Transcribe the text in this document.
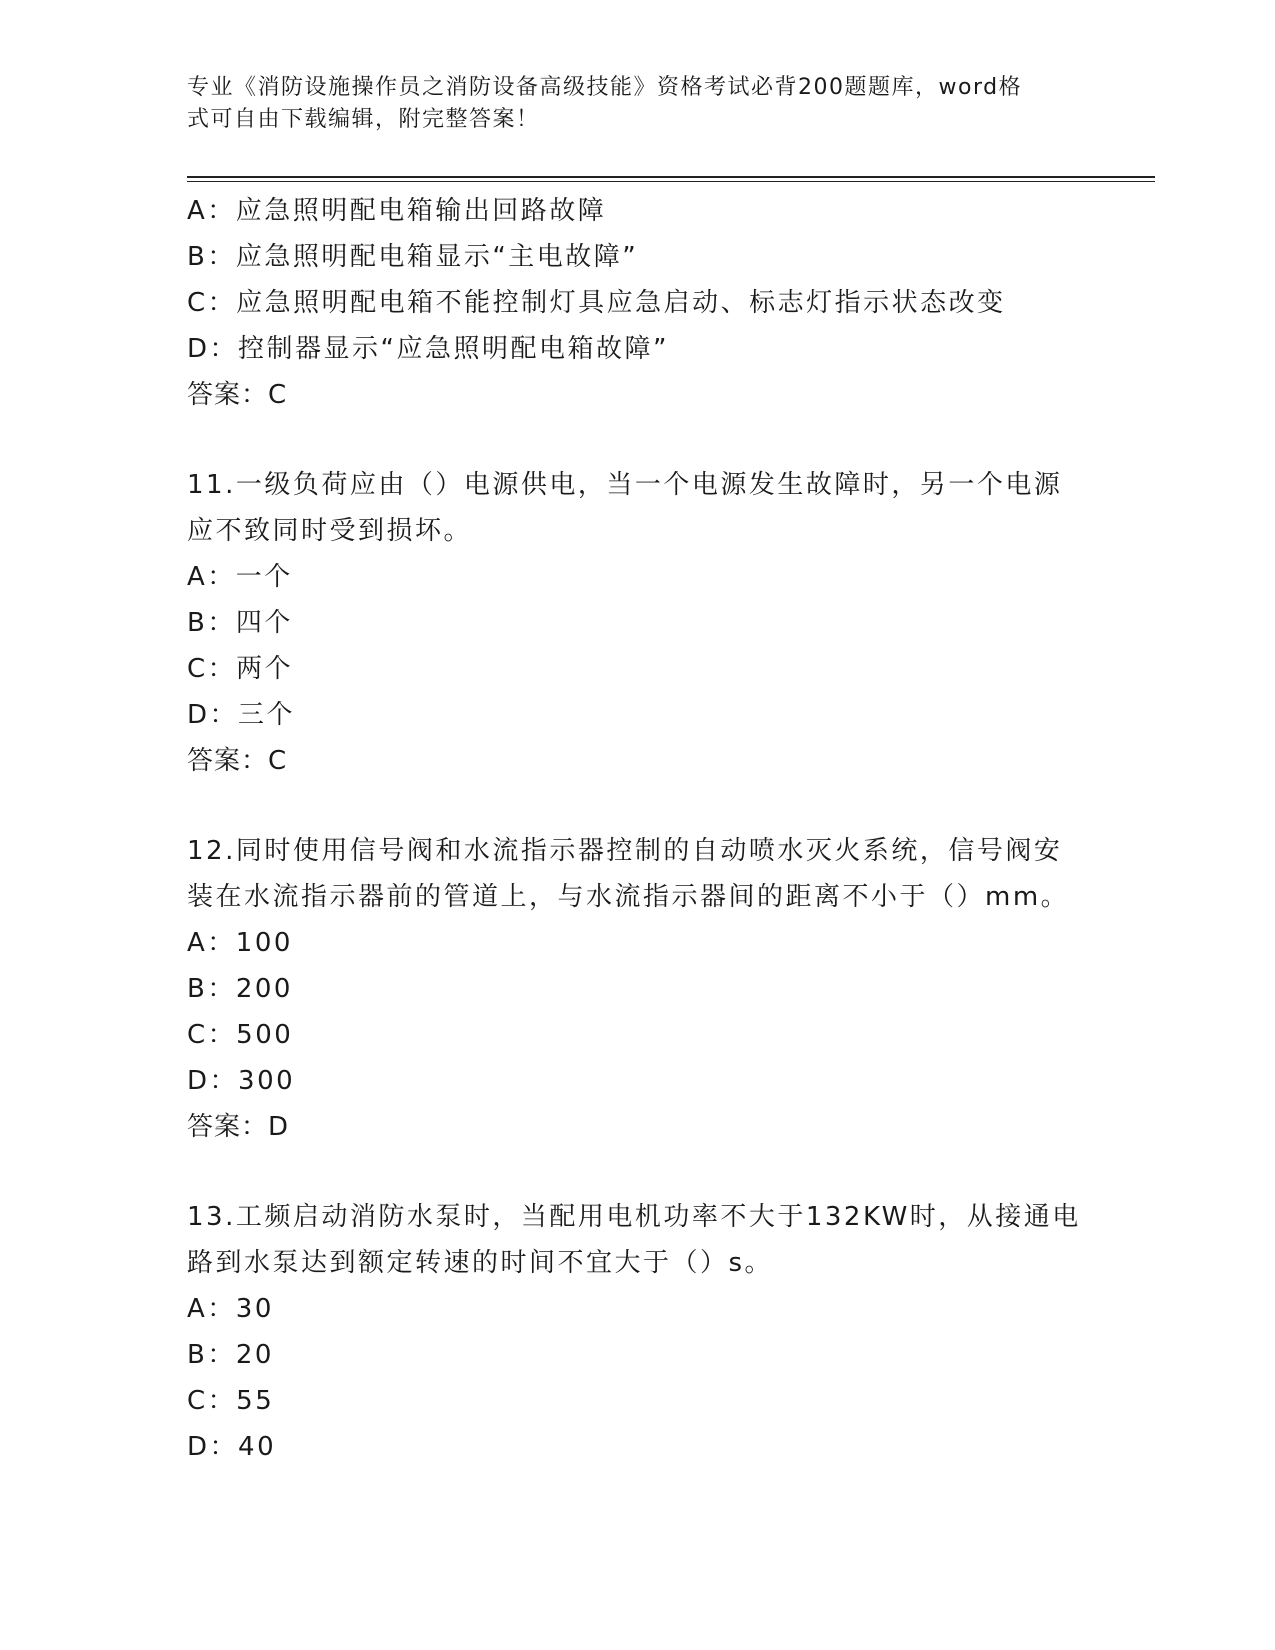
专业《消防设施操作员之消防设备高级技能》资格考试必背200题题库，word格
式可自由下载编辑，附完整答案！
A：应急照明配电箱输出回路故障
B：应急照明配电箱显示“主电故障”
C：应急照明配电箱不能控制灯具应急启动、标志灯指示状态改变
D：控制器显示“应急照明配电箱故障”
答案：C
11.一级负荷应由（）电源供电，当一个电源发生故障时，另一个电源
应不致同时受到损坏。
A：一个
B：四个
C：两个
D：三个
答案：C
12.同时使用信号阀和水流指示器控制的自动喷水灭火系统，信号阀安
装在水流指示器前的管道上，与水流指示器间的距离不小于（）mm。
A：100
B：200
C：500
D：300
答案：D
13.工频启动消防水泵时，当配用电机功率不大于132KW时，从接通电
路到水泵达到额定转速的时间不宜大于（）s。
A：30
B：20
C：55
D：40
